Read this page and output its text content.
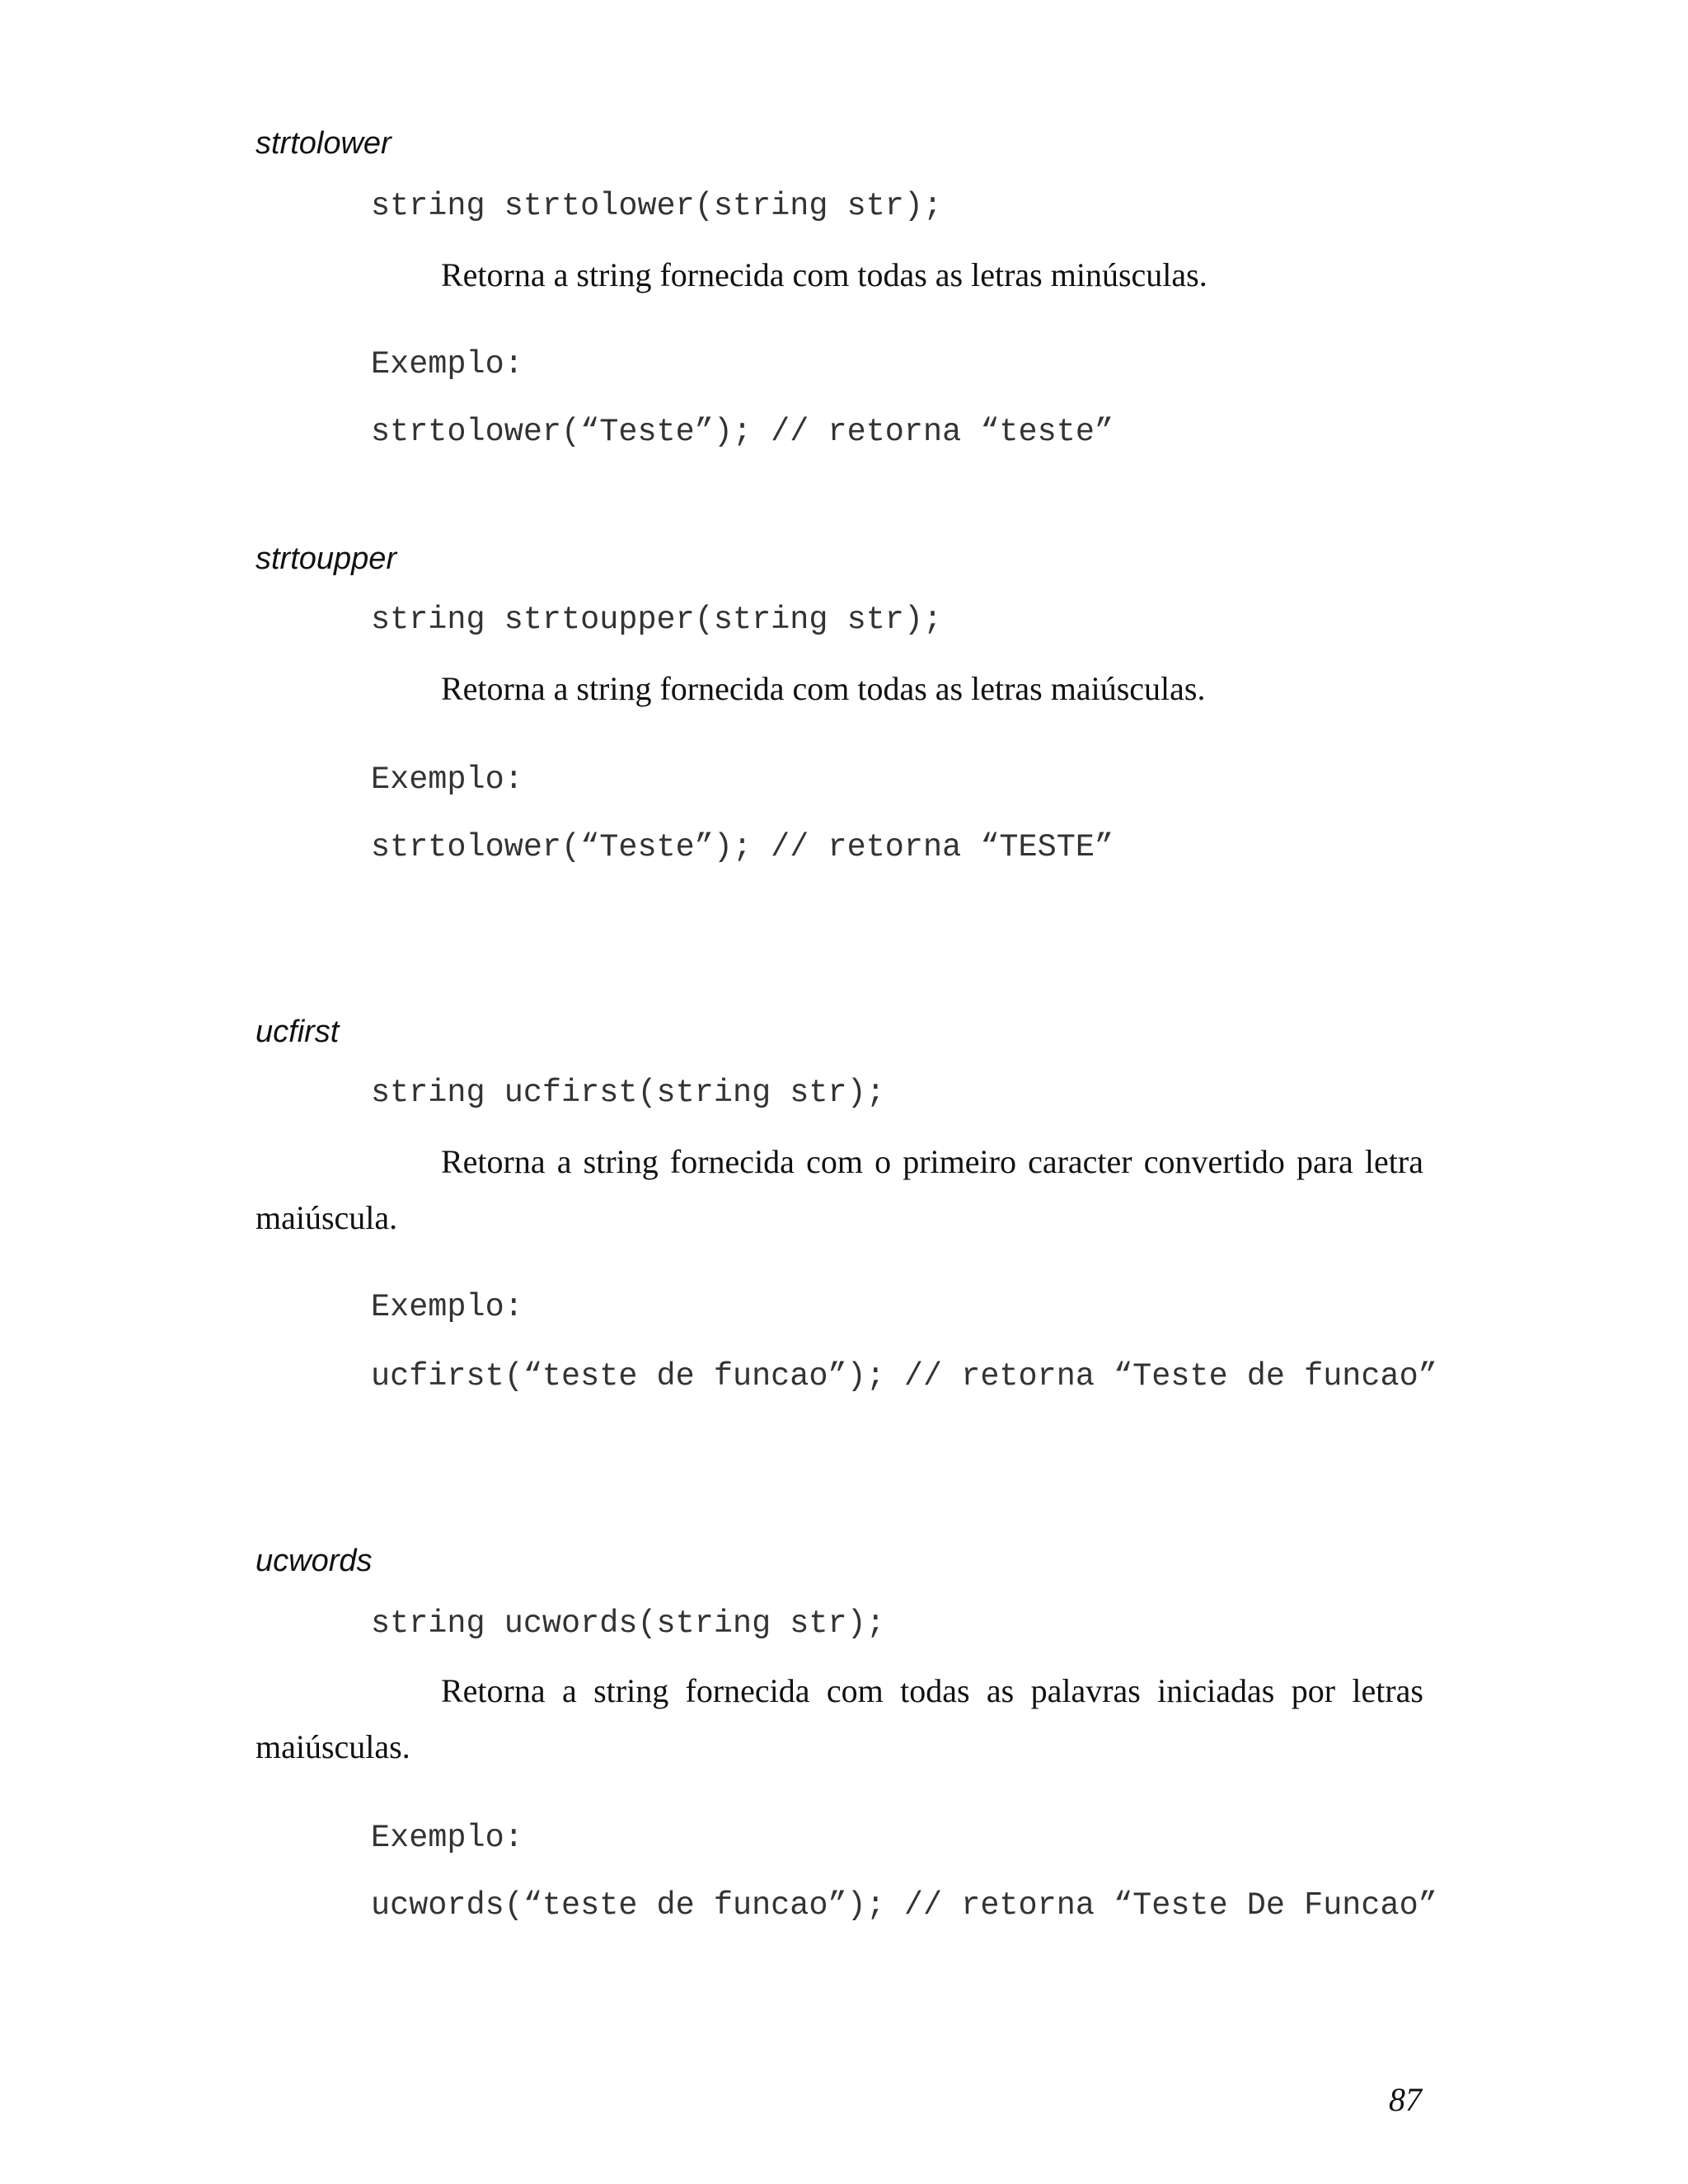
strtolower
string strtolower(string str);
Retorna a string fornecida com todas as letras minúsculas.
Exemplo:
strtolower(“Teste”); // retorna “teste”
strtoupper
string strtoupper(string str);
Retorna a string fornecida com todas as letras maiúsculas.
Exemplo:
strtolower(“Teste”); // retorna “TESTE”
ucfirst
string ucfirst(string str);
Retorna a string fornecida com o primeiro caracter convertido para letra maiúscula.
Exemplo:
ucfirst(“teste de funcao”); // retorna “Teste de funcao”
ucwords
string ucwords(string str);
Retorna a string fornecida com todas as palavras iniciadas por letras maiúsculas.
Exemplo:
ucwords(“teste de funcao”); // retorna “Teste De Funcao”
87
